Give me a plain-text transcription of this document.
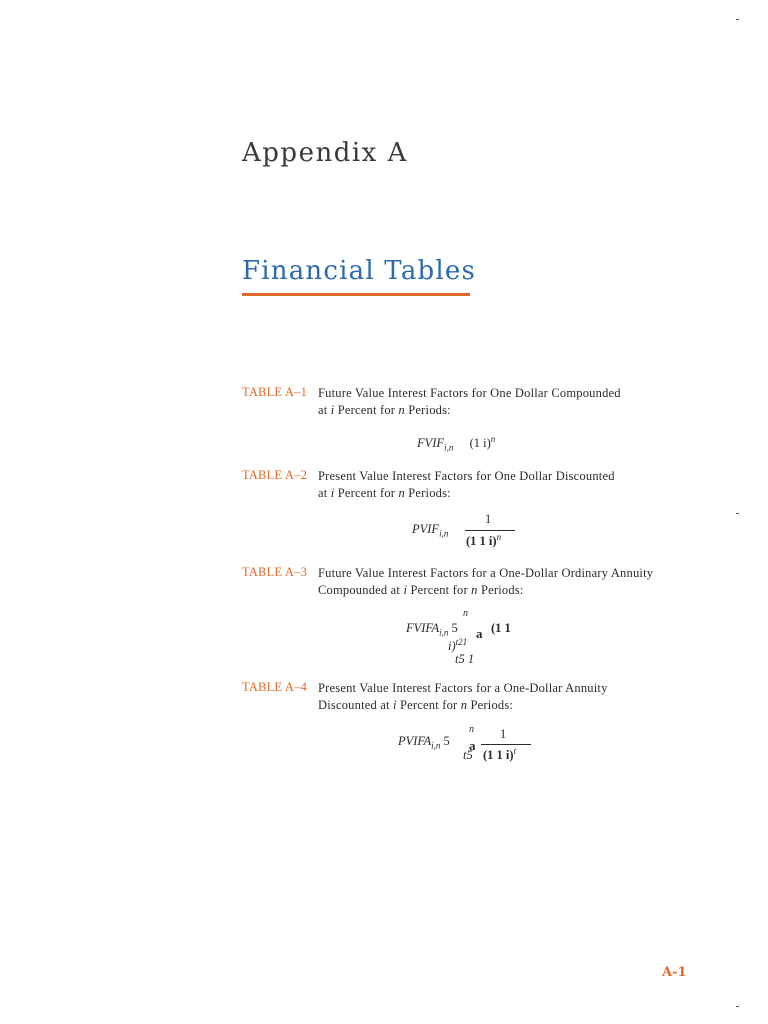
Appendix A
Financial Tables
TABLE A–1 Future Value Interest Factors for One Dollar Compounded
at i Percent for n Periods:
$FVIF_{i,n}$ (1 i)$^n$
TABLE A–2 Present Value Interest Factors for One Dollar Discounted
at i Percent for n Periods:
$PVIF_{i,n}$
1
(1 1 i)$^n$
TABLE A–3 Future Value Interest Factors for a One-Dollar Ordinary Annuity
Compounded at i Percent for n Periods:
n
$FVIFA_{i,n}$ 5 a (1 1
i)$^{t21}$
t5 1
TABLE A–4 Present Value Interest Factors for a One-Dollar Annuity
Discounted at i Percent for n Periods:
n
$PVIFA_{i,n}$ 5 a
t5
1
(1 1 i)$^t$
A-1
